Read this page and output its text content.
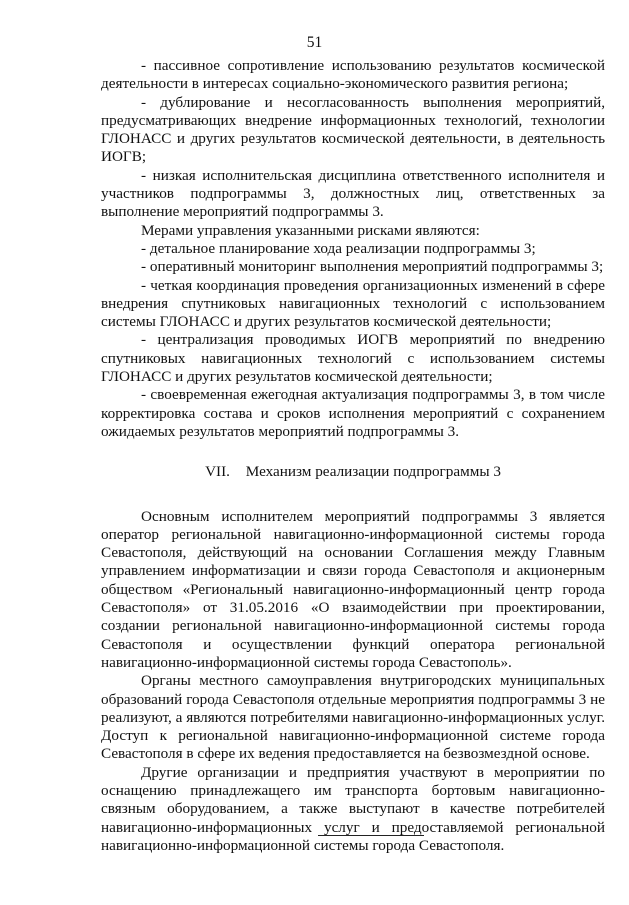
51

- пассивное сопротивление использованию результатов космической деятельности в интересах социально-экономического развития региона;

- дублирование и несогласованность выполнения мероприятий, предусматривающих внедрение информационных технологий, технологии ГЛОНАСС и других результатов космической деятельности, в деятельность ИОГВ;

- низкая исполнительская дисциплина ответственного исполнителя и участников подпрограммы 3, должностных лиц, ответственных за выполнение мероприятий подпрограммы 3.

Мерами управления указанными рисками являются:

- детальное планирование хода реализации подпрограммы 3;

- оперативный мониторинг выполнения мероприятий подпрограммы 3;

- четкая координация проведения организационных изменений в сфере внедрения спутниковых навигационных технологий с использованием системы ГЛОНАСС и других результатов космической деятельности;

- централизация проводимых ИОГВ мероприятий по внедрению спутниковых навигационных технологий с использованием системы ГЛОНАСС и других результатов космической деятельности;

- своевременная ежегодная актуализация подпрограммы 3, в том числе корректировка состава и сроков исполнения мероприятий с сохранением ожидаемых результатов мероприятий подпрограммы 3.

VII. Механизм реализации подпрограммы 3

Основным исполнителем мероприятий подпрограммы 3 является оператор региональной навигационно-информационной системы города Севастополя, действующий на основании Соглашения между Главным управлением информатизации и связи города Севастополя и акционерным обществом «Региональный навигационно-информационный центр города Севастополя» от 31.05.2016 «О взаимодействии при проектировании, создании региональной навигационно-информационной системы города Севастополя и осуществлении функций оператора региональной навигационно-информационной системы города Севастополь».

Органы местного самоуправления внутригородских муниципальных образований города Севастополя отдельные мероприятия подпрограммы 3 не реализуют, а являются потребителями навигационно-информационных услуг. Доступ к региональной навигационно-информационной системе города Севастополя в сфере их ведения предоставляется на безвозмездной основе.

Другие организации и предприятия участвуют в мероприятии по оснащению принадлежащего им транспорта бортовым навигационно-связным оборудованием, а также выступают в качестве потребителей навигационно-информационных услуг и предоставляемой региональной навигационно-информационной системы города Севастополя.
